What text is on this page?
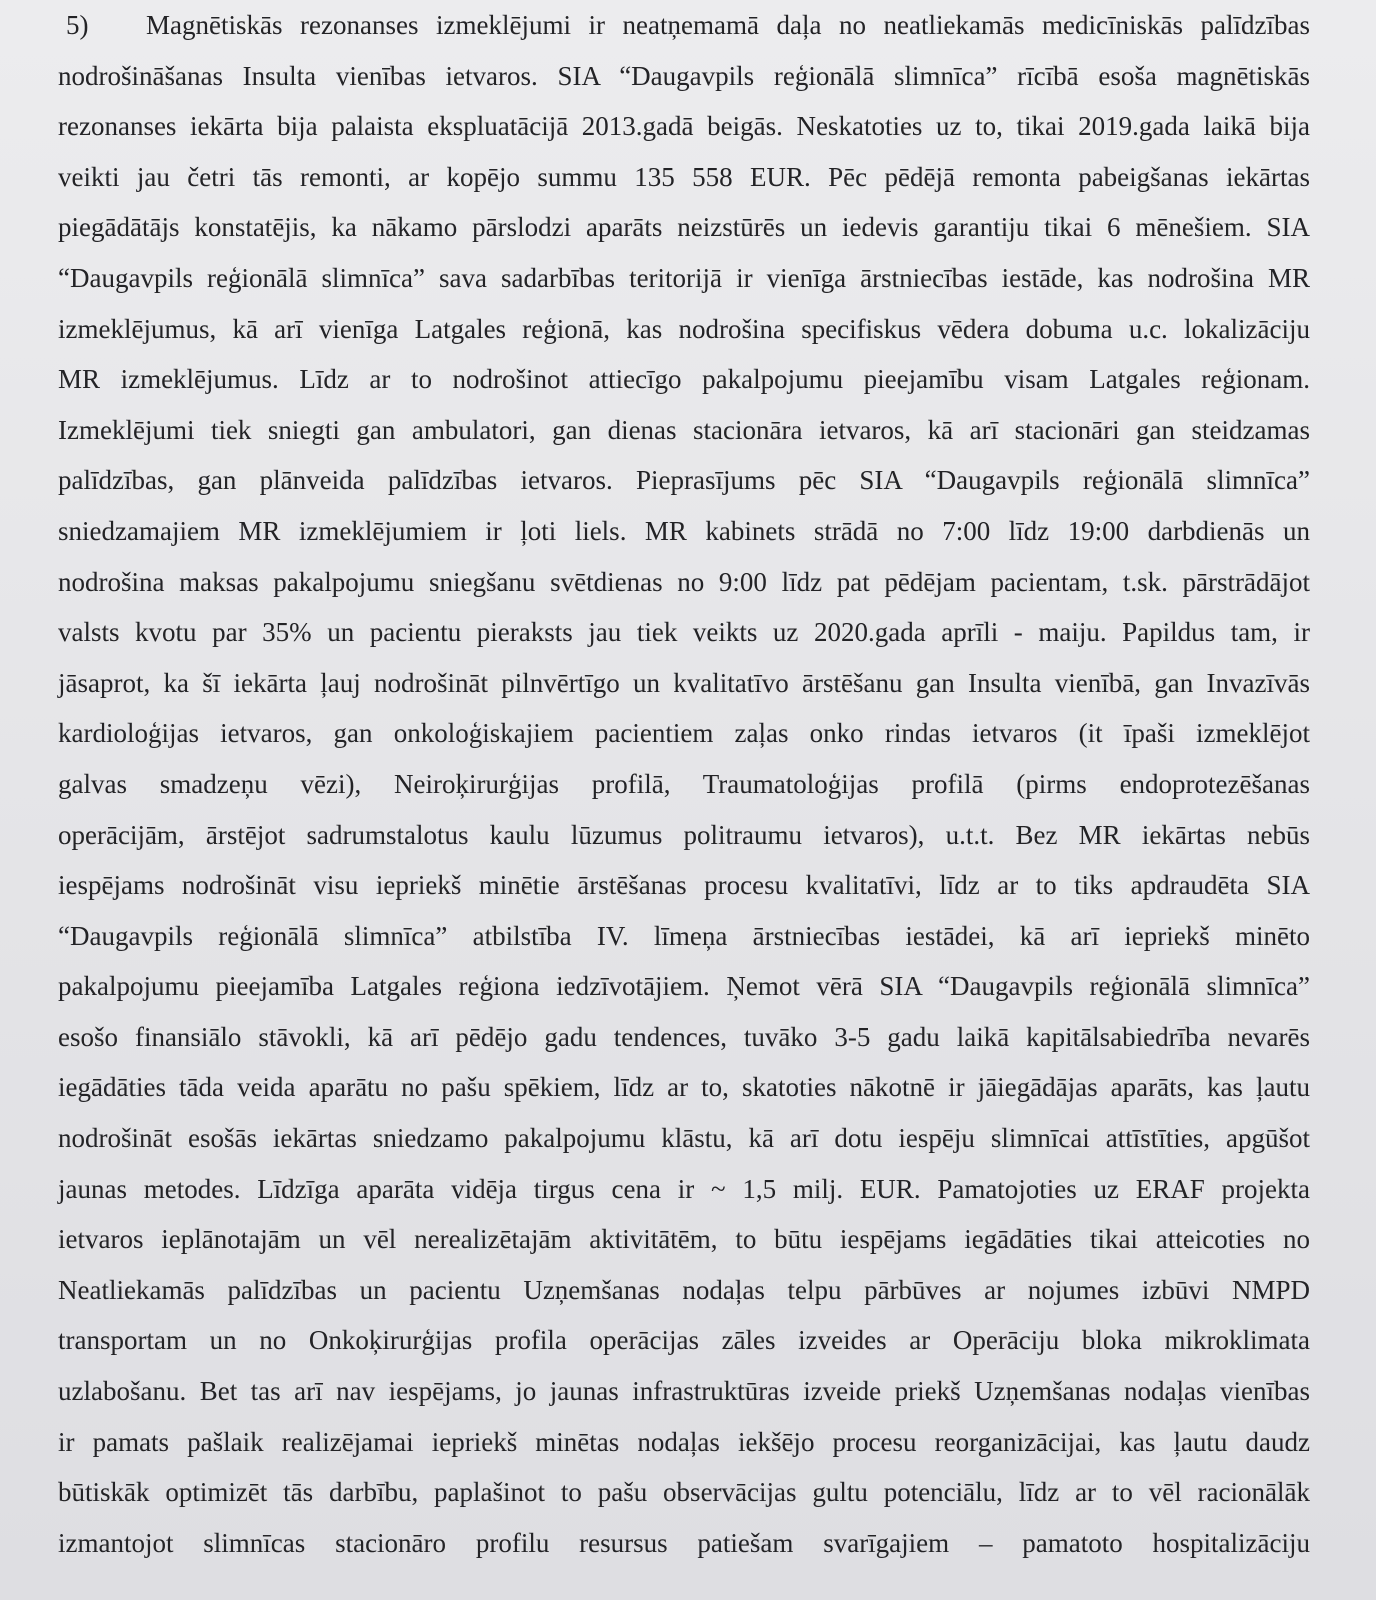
5) Magnētiskās rezonanses izmeklējumi ir neatņemamā daļa no neatliekamās medicīniskās palīdzības
nodrošināšanas Insulta vienības ietvaros. SIA “Daugavpils reģionālā slimnīca” rīcībā esoša magnētiskās
rezonanses iekārta bija palaista ekspluatācijā 2013.gadā beigās. Neskatoties uz to, tikai 2019.gada laikā bija
veikti jau četri tās remonti, ar kopējo summu 135 558 EUR. Pēc pēdējā remonta pabeigšanas iekārtas
piegādātājs konstatējis, ka nākamo pārslodzi aparāts neizstūrēs un iedevis garantiju tikai 6 mēnešiem. SIA
“Daugavpils reģionālā slimnīca” sava sadarbības teritorijā ir vienīga ārstniecības iestāde, kas nodrošina MR
izmeklējumus, kā arī vienīga Latgales reģionā, kas nodrošina specifiskus vēdera dobuma u.c. lokalizāciju
MR izmeklējumus. Līdz ar to nodrošinot attiecīgo pakalpojumu pieejamību visam Latgales reģionam.
Izmeklējumi tiek sniegti gan ambulatori, gan dienas stacionāra ietvaros, kā arī stacionāri gan steidzamas
palīdzības, gan plānveida palīdzības ietvaros. Pieprasījums pēc SIA “Daugavpils reģionālā slimnīca”
sniedzamajiem MR izmeklējumiem ir ļoti liels. MR kabinets strādā no 7:00 līdz 19:00 darbdienās un
nodrošina maksas pakalpojumu sniegšanu svētdienas no 9:00 līdz pat pēdējam pacientam, t.sk. pārstrādājot
valsts kvotu par 35% un pacientu pieraksts jau tiek veikts uz 2020.gada aprīli - maiju. Papildus tam, ir
jāsaprot, ka šī iekārta ļauj nodrošināt pilnvērtīgo un kvalitatīvo ārstēšanu gan Insulta vienībā, gan Invazīvās
kardioloģijas ietvaros, gan onkoloģiskajiem pacientiem zaļas onko rindas ietvaros (it īpaši izmeklējot
galvas smadzeņu vēzi), Neiroķirurģijas profilā, Traumatoloģijas profilā (pirms endoprotezēšanas
operācijām, ārstējot sadrumstalotus kaulu lūzumus politraumu ietvaros), u.t.t. Bez MR iekārtas nebūs
iespējams nodrošināt visu iepriekš minētie ārstēšanas procesu kvalitatīvi, līdz ar to tiks apdraudēta SIA
“Daugavpils reģionālā slimnīca” atbilstība IV. līmeņa ārstniecības iestādei, kā arī iepriekš minēto
pakalpojumu pieejamība Latgales reģiona iedzīvotājiem. Ņemot vērā SIA “Daugavpils reģionālā slimnīca”
esošo finansiālo stāvokli, kā arī pēdējo gadu tendences, tuvāko 3-5 gadu laikā kapitālsabiedrība nevarēs
iegādāties tāda veida aparātu no pašu spēkiem, līdz ar to, skatoties nākotnē ir jāiegādājas aparāts, kas ļautu
nodrošināt esošās iekārtas sniedzamo pakalpojumu klāstu, kā arī dotu iespēju slimnīcai attīstīties, apgūšot
jaunas metodes. Līdzīga aparāta vidēja tirgus cena ir ~ 1,5 milj. EUR. Pamatojoties uz ERAF projekta
ietvaros ieplānotajām un vēl nerealizētajām aktivitātēm, to būtu iespējams iegādāties tikai atteicoties no
Neatliekamās palīdzības un pacientu Uzņemšanas nodaļas telpu pārbūves ar nojumes izbūvi NMPD
transportam un no Onkoķirurģijas profila operācijas zāles izveides ar Operāciju bloka mikroklimata
uzlabošanu. Bet tas arī nav iespējams, jo jaunas infrastruktūras izveide priekš Uzņemšanas nodaļas vienības
ir pamats pašlaik realizējamai iepriekš minētas nodaļas iekšējo procesu reorganizācijai, kas ļautu daudz
būtiskāk optimizēt tās darbību, paplašinot to pašu observācijas gultu potenciālu, līdz ar to vēl racionālāk
izmantojot slimnīcas stacionāro profilu resursus patiešam svarīgajiem – pamatoto hospitalizāciju
